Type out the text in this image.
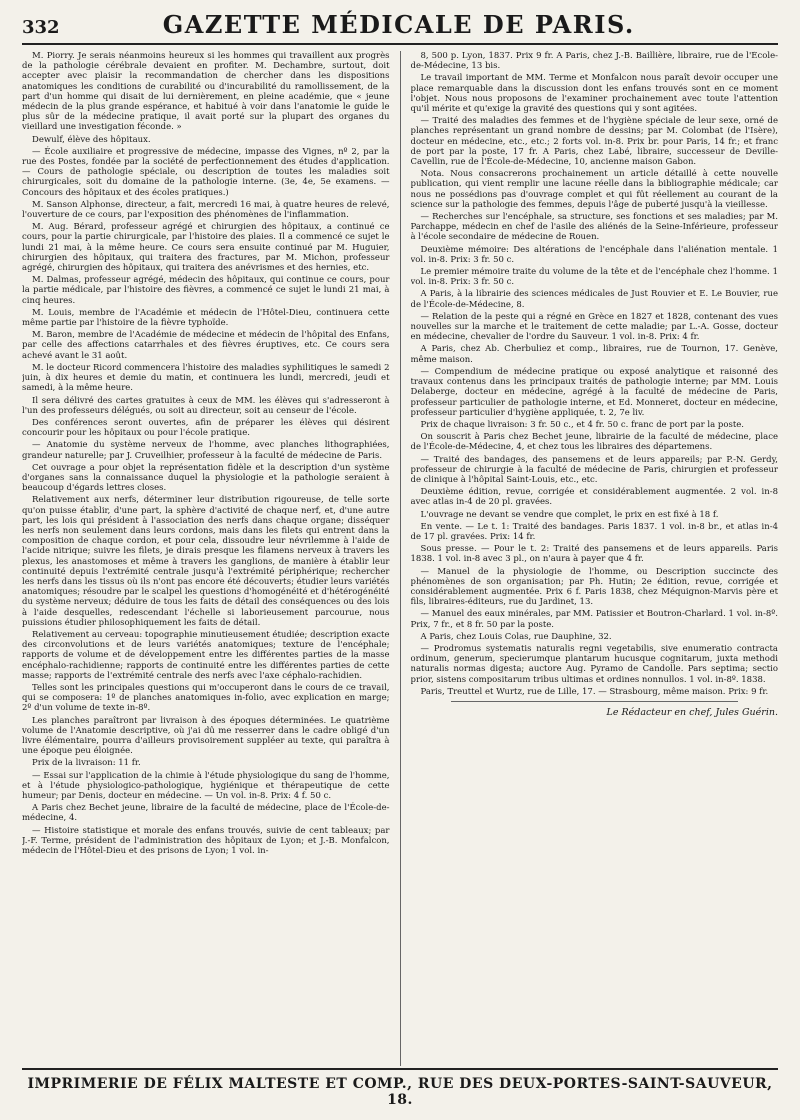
332	GAZETTE MÉDICALE DE PARIS.

M. Piorry. Je serais néanmoins heureux si les hommes qui travaillent aux progrès de la pathologie cérébrale devaient en profiter. M. Dechambre, surtout, doit accepter avec plaisir la recommandation de chercher dans les dispositions anatomiques les conditions de curabilité ou d'incurabilité du ramollissement, de la part d'un homme qui disait de lui dernièrement, en pleine académie, que « jeune médecin de la plus grande espérance, et habitué à voir dans l'anatomie le guide le plus sûr de la médecine pratique, il avait porté sur la plupart des organes du vieillard une investigation féconde. »

Dewulf, élève des hôpitaux.

— École auxiliaire et progressive de médecine, impasse des Vignes, nº 2, par la rue des Postes, fondée par la société de perfectionnement des études d'application. — Cours de pathologie spéciale, ou description de toutes les maladies soit chirurgicales, soit du domaine de la pathologie interne. (3e, 4e, 5e examens. — Concours des hôpitaux et des écoles pratiques.)

M. Sanson Alphonse, directeur, a fait, mercredi 16 mai, à quatre heures de relevé, l'ouverture de ce cours, par l'exposition des phénomènes de l'inflammation.

M. Aug. Bérard, professeur agrégé et chirurgien des hôpitaux, a continué ce cours, pour la partie chirurgicale, par l'histoire des plaies. Il a commencé ce sujet le lundi 21 mai, à la même heure. Ce cours sera ensuite continué par M. Huguier, chirurgien des hôpitaux, qui traitera des fractures, par M. Michon, professeur agrégé, chirurgien des hôpitaux, qui traitera des anévrismes et des hernies, etc.

M. Dalmas, professeur agrégé, médecin des hôpitaux, qui continue ce cours, pour la partie médicale, par l'histoire des fièvres, a commencé ce sujet le lundi 21 mai, à cinq heures.

M. Louis, membre de l'Académie et médecin de l'Hôtel-Dieu, continuera cette même partie par l'histoire de la fièvre typhoïde.

M. Baron, membre de l'Académie de médecine et médecin de l'hôpital des Enfans, par celle des affections catarrhales et des fièvres éruptives, etc. Ce cours sera achevé avant le 31 août.

M. le docteur Ricord commencera l'histoire des maladies syphilitiques le samedi 2 juin, à dix heures et demie du matin, et continuera les lundi, mercredi, jeudi et samedi, à la même heure.

Il sera délivré des cartes gratuites à ceux de MM. les élèves qui s'adresseront à l'un des professeurs délégués, ou soit au directeur, soit au censeur de l'école.

Des conférences seront ouvertes, afin de préparer les élèves qui désirent concourir pour les hôpitaux ou pour l'école pratique.

— Anatomie du système nerveux de l'homme, avec planches lithographiées, grandeur naturelle; par J. Cruveilhier, professeur à la faculté de médecine de Paris.

Cet ouvrage a pour objet la représentation fidèle et la description d'un système d'organes sans la connaissance duquel la physiologie et la pathologie seraient à beaucoup d'égards lettres closes.

Relativement aux nerfs, déterminer leur distribution rigoureuse, de telle sorte qu'on puisse établir, d'une part, la sphère d'activité de chaque nerf, et, d'une autre part, les lois qui président à l'association des nerfs dans chaque organe; disséquer les nerfs non seulement dans leurs cordons, mais dans les filets qui entrent dans la composition de chaque cordon, et pour cela, dissoudre leur névrilemme à l'aide de l'acide nitrique; suivre les filets, je dirais presque les filamens nerveux à travers les plexus, les anastomoses et même à travers les ganglions, de manière à établir leur continuité depuis l'extrémité centrale jusqu'à l'extrémité périphérique; rechercher les nerfs dans les tissus où ils n'ont pas encore été découverts; étudier leurs variétés anatomiques; résoudre par le scalpel les questions d'homogénéité et d'hétérogénéité du système nerveux; déduire de tous les faits de détail des conséquences ou des lois à l'aide desquelles, redescendant l'échelle si laborieusement parcourue, nous puissions étudier philosophiquement les faits de détail.

Relativement au cerveau: topographie minutieusement étudiée; description exacte des circonvolutions et de leurs variétés anatomiques; texture de l'encéphale; rapports de volume et de développement entre les différentes parties de la masse encéphalo-rachidienne; rapports de continuité entre les différentes parties de cette masse; rapports de l'extrémité centrale des nerfs avec l'axe céphalo-rachidien.

Telles sont les principales questions qui m'occuperont dans le cours de ce travail, qui se composera: 1º de planches anatomiques in-folio, avec explication en marge; 2º d'un volume de texte in-8º.

Les planches paraîtront par livraison à des époques déterminées. Le quatrième volume de l'Anatomie descriptive, où j'ai dû me resserrer dans le cadre obligé d'un livre élémentaire, pourra d'ailleurs provisoirement suppléer au texte, qui paraîtra à une époque peu éloignée.

Prix de la livraison: 11 fr.

— Essai sur l'application de la chimie à l'étude physiologique du sang de l'homme, et à l'étude physiologico-pathologique, hygiénique et thérapeutique de cette humeur; par Denis, docteur en médecine. — Un vol. in-8. Prix: 4 f. 50 c.

A Paris chez Bechet jeune, libraire de la faculté de médecine, place de l'École-de-médecine, 4.

— Histoire statistique et morale des enfans trouvés, suivie de cent tableaux; par J.-F. Terme, président de l'administration des hôpitaux de Lyon; et J.-B. Monfalcon, médecin de l'Hôtel-Dieu et des prisons de Lyon; 1 vol. in-

8, 500 p. Lyon, 1837. Prix 9 fr. A Paris, chez J.-B. Baillière, libraire, rue de l'École-de-Médecine, 13 bis.

Le travail important de MM. Terme et Monfalcon nous paraît devoir occuper une place remarquable dans la discussion dont les enfans trouvés sont en ce moment l'objet. Nous nous proposons de l'examiner prochainement avec toute l'attention qu'il mérite et qu'exige la gravité des questions qui y sont agitées.

— Traité des maladies des femmes et de l'hygiène spéciale de leur sexe, orné de planches représentant un grand nombre de dessins; par M. Colombat (de l'Isère), docteur en médecine, etc., etc.; 2 forts vol. in-8. Prix br. pour Paris, 14 fr.; et franc de port par la poste, 17 fr. A Paris, chez Labé, libraire, successeur de Deville-Cavellin, rue de l'École-de-Médecine, 10, ancienne maison Gabon.

Nota. Nous consacrerons prochainement un article détaillé à cette nouvelle publication, qui vient remplir une lacune réelle dans la bibliographie médicale; car nous ne possédions pas d'ouvrage complet et qui fût réellement au courant de la science sur la pathologie des femmes, depuis l'âge de puberté jusqu'à la vieillesse.

— Recherches sur l'encéphale, sa structure, ses fonctions et ses maladies; par M. Parchappe, médecin en chef de l'asile des aliénés de la Seine-Inférieure, professeur à l'école secondaire de médecine de Rouen.

Deuxième mémoire: Des altérations de l'encéphale dans l'aliénation mentale. 1 vol. in-8. Prix: 3 fr. 50 c.

Le premier mémoire traite du volume de la tête et de l'encéphale chez l'homme. 1 vol. in-8. Prix: 3 fr. 50 c.

A Paris, à la librairie des sciences médicales de Just Rouvier et E. Le Bouvier, rue de l'École-de-Médecine, 8.

— Relation de la peste qui a régné en Grèce en 1827 et 1828, contenant des vues nouvelles sur la marche et le traitement de cette maladie; par L.-A. Gosse, docteur en médecine, chevalier de l'ordre du Sauveur. 1 vol. in-8. Prix: 4 fr.

A Paris, chez Ab. Cherbuliez et comp., libraires, rue de Tournon, 17. Genève, même maison.

— Compendium de médecine pratique ou exposé analytique et raisonné des travaux contenus dans les principaux traités de pathologie interne; par MM. Louis Delaberge, docteur en médecine, agrégé à la faculté de médecine de Paris, professeur particulier de pathologie interne, et Ed. Monneret, docteur en médecine, professeur particulier d'hygiène appliquée, t. 2, 7e liv.

Prix de chaque livraison: 3 fr. 50 c., et 4 fr. 50 c. franc de port par la poste.

On souscrit à Paris chez Bechet jeune, librairie de la faculté de médecine, place de l'École-de-Médecine, 4, et chez tous les libraires des départemens.

— Traité des bandages, des pansemens et de leurs appareils; par P.-N. Gerdy, professeur de chirurgie à la faculté de médecine de Paris, chirurgien et professeur de clinique à l'hôpital Saint-Louis, etc., etc.

Deuxième édition, revue, corrigée et considérablement augmentée. 2 vol. in-8 avec atlas in-4 de 20 pl. gravées.

L'ouvrage ne devant se vendre que complet, le prix en est fixé à 18 f.

En vente. — Le t. 1: Traité des bandages. Paris 1837. 1 vol. in-8 br., et atlas in-4 de 17 pl. gravées. Prix: 14 fr.

Sous presse. — Pour le t. 2: Traité des pansemens et de leurs appareils. Paris 1838. 1 vol. in-8 avec 3 pl., on n'aura à payer que 4 fr.

— Manuel de la physiologie de l'homme, ou Description succincte des phénomènes de son organisation; par Ph. Hutin; 2e édition, revue, corrigée et considérablement augmentée. Prix 6 f. Paris 1838, chez Méquignon-Marvis père et fils, libraires-éditeurs, rue du Jardinet, 13.

— Manuel des eaux minérales, par MM. Patissier et Boutron-Charlard. 1 vol. in-8º. Prix, 7 fr., et 8 fr. 50 par la poste.

A Paris, chez Louis Colas, rue Dauphine, 32.

— Prodromus systematis naturalis regni vegetabilis, sive enumeratio contracta ordinum, generum, specierumque plantarum hucusque cognitarum, juxta methodi naturalis normas digesta; auctore Aug. Pyramo de Candolle. Pars septima; sectio prior, sistens compositarum tribus ultimas et ordines nonnullos. 1 vol. in-8º. 1838.

Paris, Treuttel et Wurtz, rue de Lille, 17. — Strasbourg, même maison. Prix: 9 fr.

Le Rédacteur en chef, Jules Guérin.
IMPRIMERIE DE FÉLIX MALTESTE ET COMP., RUE DES DEUX-PORTES-SAINT-SAUVEUR, 18.
